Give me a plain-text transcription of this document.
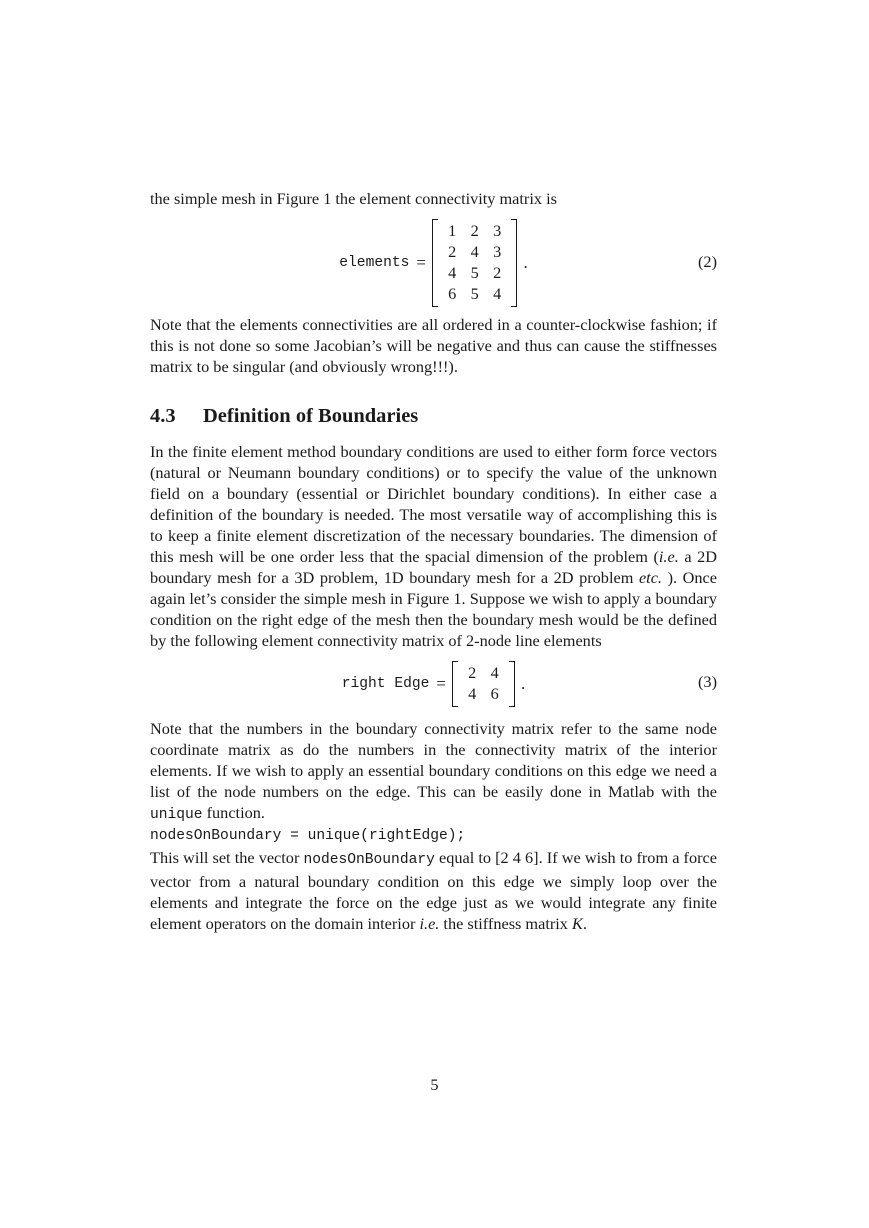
the simple mesh in Figure 1 the element connectivity matrix is

elements =
1 2 3
2 4 3
4 5 2
6 5 4
.	(2)

Note that the elements connectivities are all ordered in a counter-clockwise fashion; if this is not done so some Jacobian’s will be negative and thus can cause the stiffnesses matrix to be singular (and obviously wrong!!!).

4.3 Definition of Boundaries

In the finite element method boundary conditions are used to either form force vectors (natural or Neumann boundary conditions) or to specify the value of the unknown field on a boundary (essential or Dirichlet boundary conditions). In either case a definition of the boundary is needed. The most versatile way of accomplishing this is to keep a finite element discretization of the necessary boundaries. The dimension of this mesh will be one order less that the spacial dimension of the problem (i.e. a 2D boundary mesh for a 3D problem, 1D boundary mesh for a 2D problem etc. ). Once again let’s consider the simple mesh in Figure 1. Suppose we wish to apply a boundary condition on the right edge of the mesh then the boundary mesh would be the defined by the following element connectivity matrix of 2-node line elements

right Edge =
2 4
4 6
.	(3)

Note that the numbers in the boundary connectivity matrix refer to the same node coordinate matrix as do the numbers in the connectivity matrix of the interior elements. If we wish to apply an essential boundary conditions on this edge we need a list of the node numbers on the edge. This can be easily done in Matlab with the unique function.

nodesOnBoundary = unique(rightEdge);

This will set the vector nodesOnBoundary equal to [2 4 6]. If we wish to from a force vector from a natural boundary condition on this edge we simply loop over the elements and integrate the force on the edge just as we would integrate any finite element operators on the domain interior i.e. the stiffness matrix K.

5
